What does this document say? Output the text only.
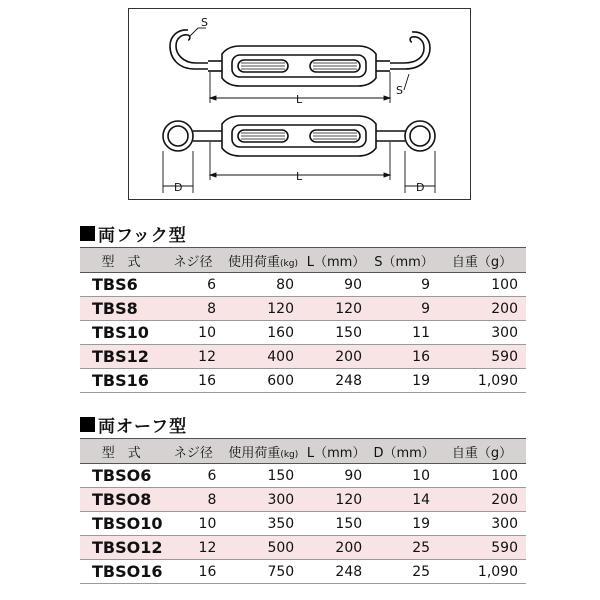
S
S
L
L
D	D
両フック型
型　式	ネジ径	使用荷重(kg)	L（mm）	S（mm）	自重（g）
TBS6	6	80	90	9	100
TBS8	8	120	120	9	200
TBS10	10	160	150	11	300
TBS12	12	400	200	16	590
TBS16	16	600	248	19	1,090
両オーフ型
型　式	ネジ径	使用荷重(kg)	L（mm）	D（mm）	自重（g）
TBSO6	6	150	90	10	100
TBSO8	8	300	120	14	200
TBSO10	10	350	150	19	300
TBSO12	12	500	200	25	590
TBSO16	16	750	248	25	1,090
